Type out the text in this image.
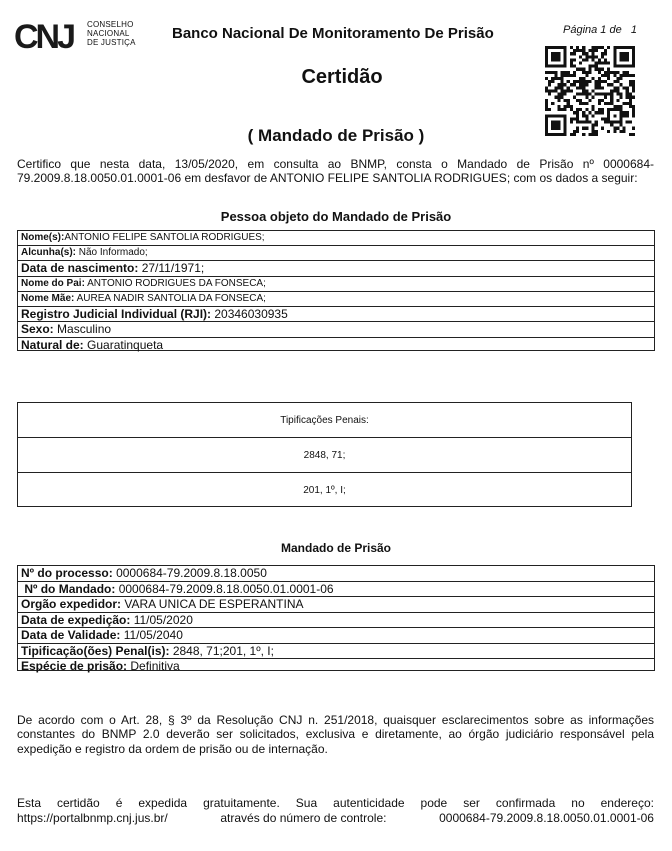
CNJ CONSELHO
NACIONAL
DE JUSTIÇA
Banco Nacional De Monitoramento De Prisão	Página 1 de   1
Certidão
( Mandado de Prisão )
Certifico que nesta data, 13/05/2020, em consulta ao BNMP, consta o Mandado de Prisão nº 0000684-79.2009.8.18.0050.01.0001-06 em desfavor de ANTONIO FELIPE SANTOLIA RODRIGUES; com os dados a seguir:
Pessoa objeto do Mandado de Prisão
Nome(s):ANTONIO FELIPE SANTOLIA RODRIGUES;
Alcunha(s): Não Informado;
Data de nascimento: 27/11/1971;
Nome do Pai: ANTONIO RODRIGUES DA FONSECA;
Nome Mãe: AUREA NADIR SANTOLIA DA FONSECA;
Registro Judicial Individual (RJI): 20346030935
Sexo: Masculino
Natural de: Guaratinqueta
Tipificações Penais:
2848, 71;
201, 1º, I;
Mandado de Prisão
Nº do processo: 0000684-79.2009.8.18.0050
Nº do Mandado: 0000684-79.2009.8.18.0050.01.0001-06
Orgão expedidor: VARA UNICA DE ESPERANTINA
Data de expedição: 11/05/2020
Data de Validade: 11/05/2040
Tipificação(ões) Penal(is): 2848, 71;201, 1º, I;
Espécie de prisão: Definitiva
De acordo com o Art. 28, § 3º da Resolução CNJ n. 251/2018, quaisquer esclarecimentos sobre as informações constantes do BNMP 2.0 deverão ser solicitados, exclusiva e diretamente, ao órgão judiciário responsável pela expedição e registro da ordem de prisão ou de internação.
Esta certidão é expedida gratuitamente. Sua autenticidade pode ser confirmada no endereço:
https://portalbnmp.cnj.jus.br/	através do número de controle:	0000684-79.2009.8.18.0050.01.0001-06
